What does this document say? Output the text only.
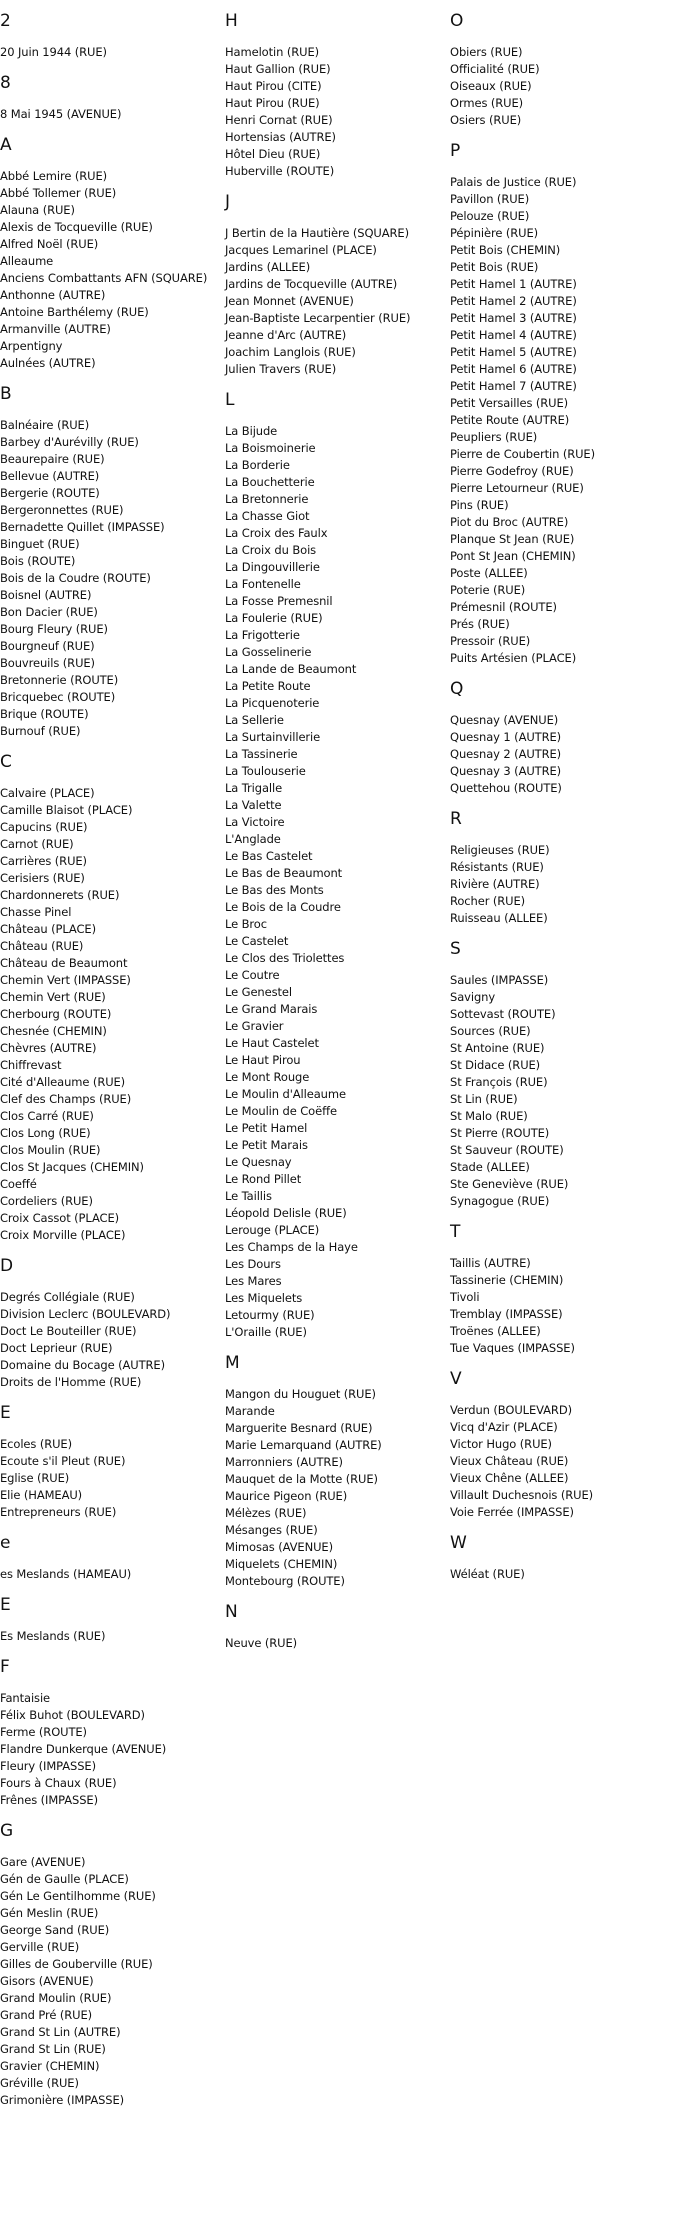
2
20 Juin 1944 (RUE)
8
8 Mai 1945 (AVENUE)
A
Abbé Lemire (RUE)
Abbé Tollemer (RUE)
Alauna (RUE)
Alexis de Tocqueville (RUE)
Alfred Noël (RUE)
Alleaume
Anciens Combattants AFN (SQUARE)
Anthonne (AUTRE)
Antoine Barthélemy (RUE)
Armanville (AUTRE)
Arpentigny
Aulnées (AUTRE)
B
Balnéaire (RUE)
Barbey d'Aurévilly (RUE)
Beaurepaire (RUE)
Bellevue (AUTRE)
Bergerie (ROUTE)
Bergeronnettes (RUE)
Bernadette Quillet (IMPASSE)
Binguet (RUE)
Bois (ROUTE)
Bois de la Coudre (ROUTE)
Boisnel (AUTRE)
Bon Dacier (RUE)
Bourg Fleury (RUE)
Bourgneuf (RUE)
Bouvreuils (RUE)
Bretonnerie (ROUTE)
Bricquebec (ROUTE)
Brique (ROUTE)
Burnouf (RUE)
C
Calvaire (PLACE)
Camille Blaisot (PLACE)
Capucins (RUE)
Carnot (RUE)
Carrières (RUE)
Cerisiers (RUE)
Chardonnerets (RUE)
Chasse Pinel
Château (PLACE)
Château (RUE)
Château de Beaumont
Chemin Vert (IMPASSE)
Chemin Vert (RUE)
Cherbourg (ROUTE)
Chesnée (CHEMIN)
Chèvres (AUTRE)
Chiffrevast
Cité d'Alleaume (RUE)
Clef des Champs (RUE)
Clos Carré (RUE)
Clos Long (RUE)
Clos Moulin (RUE)
Clos St Jacques (CHEMIN)
Coeffé
Cordeliers (RUE)
Croix Cassot (PLACE)
Croix Morville (PLACE)
D
Degrés Collégiale (RUE)
Division Leclerc (BOULEVARD)
Doct Le Bouteiller (RUE)
Doct Leprieur (RUE)
Domaine du Bocage (AUTRE)
Droits de l'Homme (RUE)
E
Ecoles (RUE)
Ecoute s'il Pleut (RUE)
Eglise (RUE)
Elie (HAMEAU)
Entrepreneurs (RUE)
e
es Meslands (HAMEAU)
E
Es Meslands (RUE)
F
Fantaisie
Félix Buhot (BOULEVARD)
Ferme (ROUTE)
Flandre Dunkerque (AVENUE)
Fleury (IMPASSE)
Fours à Chaux (RUE)
Frênes (IMPASSE)
G
Gare (AVENUE)
Gén de Gaulle (PLACE)
Gén Le Gentilhomme (RUE)
Gén Meslin (RUE)
George Sand (RUE)
Gerville (RUE)
Gilles de Gouberville (RUE)
Gisors (AVENUE)
Grand Moulin (RUE)
Grand Pré (RUE)
Grand St Lin (AUTRE)
Grand St Lin (RUE)
Gravier (CHEMIN)
Gréville (RUE)
Grimonière (IMPASSE)
H
Hamelotin (RUE)
Haut Gallion (RUE)
Haut Pirou (CITE)
Haut Pirou (RUE)
Henri Cornat (RUE)
Hortensias (AUTRE)
Hôtel Dieu (RUE)
Huberville (ROUTE)
J
J Bertin de la Hautière (SQUARE)
Jacques Lemarinel (PLACE)
Jardins (ALLEE)
Jardins de Tocqueville (AUTRE)
Jean Monnet (AVENUE)
Jean-Baptiste Lecarpentier (RUE)
Jeanne d'Arc (AUTRE)
Joachim Langlois (RUE)
Julien Travers (RUE)
L
La Bijude
La Boismoinerie
La Borderie
La Bouchetterie
La Bretonnerie
La Chasse Giot
La Croix des Faulx
La Croix du Bois
La Dingouvillerie
La Fontenelle
La Fosse Premesnil
La Foulerie (RUE)
La Frigotterie
La Gosselinerie
La Lande de Beaumont
La Petite Route
La Picquenoterie
La Sellerie
La Surtainvillerie
La Tassinerie
La Toulouserie
La Trigalle
La Valette
La Victoire
L'Anglade
Le Bas Castelet
Le Bas de Beaumont
Le Bas des Monts
Le Bois de la Coudre
Le Broc
Le Castelet
Le Clos des Triolettes
Le Coutre
Le Genestel
Le Grand Marais
Le Gravier
Le Haut Castelet
Le Haut Pirou
Le Mont Rouge
Le Moulin d'Alleaume
Le Moulin de Coëffe
Le Petit Hamel
Le Petit Marais
Le Quesnay
Le Rond Pillet
Le Taillis
Léopold Delisle (RUE)
Lerouge (PLACE)
Les Champs de la Haye
Les Dours
Les Mares
Les Miquelets
Letourmy (RUE)
L'Oraille (RUE)
M
Mangon du Houguet (RUE)
Marande
Marguerite Besnard (RUE)
Marie Lemarquand (AUTRE)
Marronniers (AUTRE)
Mauquet de la Motte (RUE)
Maurice Pigeon (RUE)
Mélèzes (RUE)
Mésanges (RUE)
Mimosas (AVENUE)
Miquelets (CHEMIN)
Montebourg (ROUTE)
N
Neuve (RUE)
O
Obiers (RUE)
Officialité (RUE)
Oiseaux (RUE)
Ormes (RUE)
Osiers (RUE)
P
Palais de Justice (RUE)
Pavillon (RUE)
Pelouze (RUE)
Pépinière (RUE)
Petit Bois (CHEMIN)
Petit Bois (RUE)
Petit Hamel 1 (AUTRE)
Petit Hamel 2 (AUTRE)
Petit Hamel 3 (AUTRE)
Petit Hamel 4 (AUTRE)
Petit Hamel 5 (AUTRE)
Petit Hamel 6 (AUTRE)
Petit Hamel 7 (AUTRE)
Petit Versailles (RUE)
Petite Route (AUTRE)
Peupliers (RUE)
Pierre de Coubertin (RUE)
Pierre Godefroy (RUE)
Pierre Letourneur (RUE)
Pins (RUE)
Piot du Broc (AUTRE)
Planque St Jean (RUE)
Pont St Jean (CHEMIN)
Poste (ALLEE)
Poterie (RUE)
Prémesnil (ROUTE)
Prés (RUE)
Pressoir (RUE)
Puits Artésien (PLACE)
Q
Quesnay (AVENUE)
Quesnay 1 (AUTRE)
Quesnay 2 (AUTRE)
Quesnay 3 (AUTRE)
Quettehou (ROUTE)
R
Religieuses (RUE)
Résistants (RUE)
Rivière (AUTRE)
Rocher (RUE)
Ruisseau (ALLEE)
S
Saules (IMPASSE)
Savigny
Sottevast (ROUTE)
Sources (RUE)
St Antoine (RUE)
St Didace (RUE)
St François (RUE)
St Lin (RUE)
St Malo (RUE)
St Pierre (ROUTE)
St Sauveur (ROUTE)
Stade (ALLEE)
Ste Geneviève (RUE)
Synagogue (RUE)
T
Taillis (AUTRE)
Tassinerie (CHEMIN)
Tivoli
Tremblay (IMPASSE)
Troënes (ALLEE)
Tue Vaques (IMPASSE)
V
Verdun (BOULEVARD)
Vicq d'Azir (PLACE)
Victor Hugo (RUE)
Vieux Château (RUE)
Vieux Chêne (ALLEE)
Villault Duchesnois (RUE)
Voie Ferrée (IMPASSE)
W
Wéléat (RUE)
